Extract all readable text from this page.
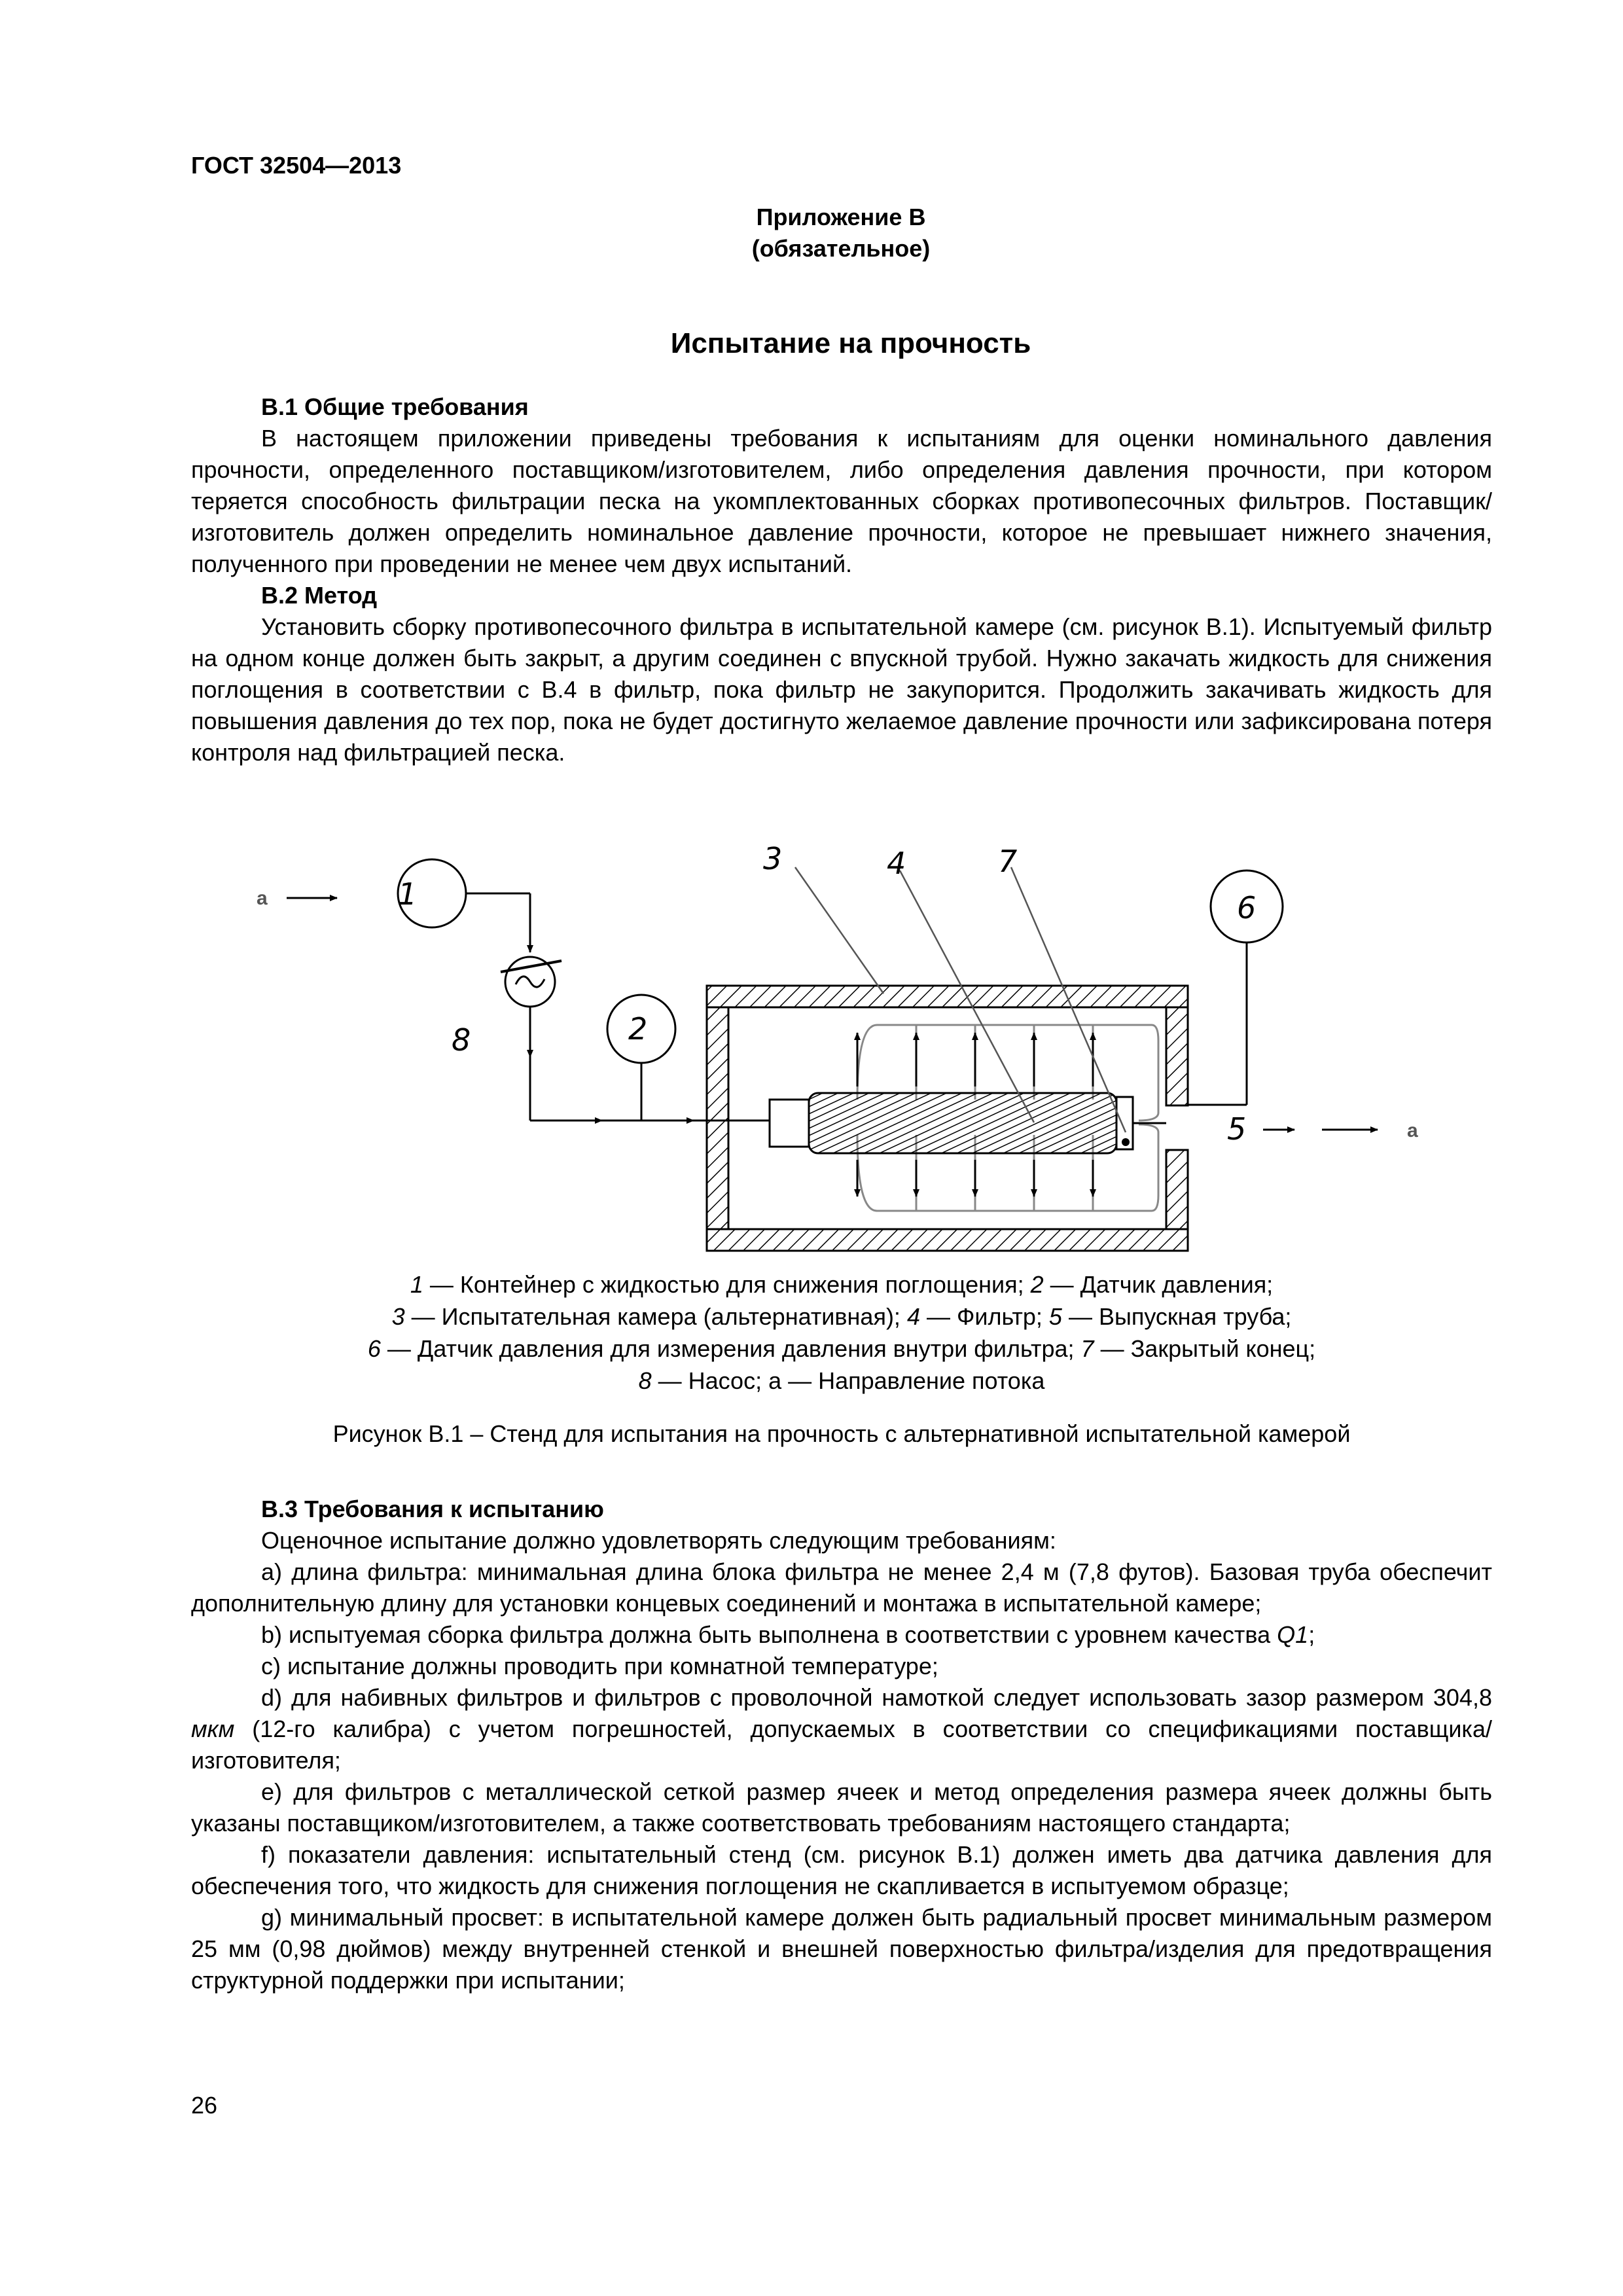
ГОСТ 32504—2013
Приложение В
(обязательное)
Испытание на прочность
В.1 Общие требования
В настоящем приложении приведены требования к испытаниям для оценки номинального давления прочности, определенного поставщиком/изготовителем, либо определения давления прочности, при котором теряется способность фильтрации песка на укомплектованных сборках противопесочных фильтров. Поставщик/изготовитель должен определить номинальное давление прочности, которое не превышает нижнего значения, полученного при проведении не менее чем двух испытаний.
В.2 Метод
Установить сборку противопесочного фильтра в испытательной камере (см. рисунок В.1). Испытуемый фильтр на одном конце должен быть закрыт, а другим соединен с впускной трубой. Нужно закачать жидкость для снижения поглощения в соответствии с В.4 в фильтр, пока фильтр не закупорится. Продолжить закачивать жидкость для повышения давления до тех пор, пока не будет достигнуто желаемое давление прочности или зафиксирована потеря контроля над фильтрацией песка.
a	1
2
3	4	7
6
8
5	a
1 — Контейнер с жидкостью для снижения поглощения; 2 — Датчик давления;
3 — Испытательная камера (альтернативная); 4 — Фильтр; 5 — Выпускная труба;
6 — Датчик давления для измерения давления внутри фильтра; 7 — Закрытый конец;
8 — Насос; а — Направление потока
Рисунок В.1 – Стенд для испытания на прочность с альтернативной испытательной камерой
В.3 Требования к испытанию
Оценочное испытание должно удовлетворять следующим требованиям:
а) длина фильтра: минимальная длина блока фильтра не менее 2,4 м (7,8 футов). Базовая труба обеспечит дополнительную длину для установки концевых соединений и монтажа в испытательной камере;
b) испытуемая сборка фильтра должна быть выполнена в соответствии с уровнем качества Q1;
с) испытание должны проводить при комнатной температуре;
d) для набивных фильтров и фильтров с проволочной намоткой следует использовать зазор размером 304,8 мкм (12-го калибра) с учетом погрешностей, допускаемых в соответствии со спецификациями поставщика/изготовителя;
е) для фильтров с металлической сеткой размер ячеек и метод определения размера ячеек должны быть указаны поставщиком/изготовителем, а также соответствовать требованиям настоящего стандарта;
f) показатели давления: испытательный стенд (см. рисунок В.1) должен иметь два датчика давления для обеспечения того, что жидкость для снижения поглощения не скапливается в испытуемом образце;
g) минимальный просвет: в испытательной камере должен быть радиальный просвет минимальным размером 25 мм (0,98 дюймов) между внутренней стенкой и внешней поверхностью фильтра/изделия для предотвращения структурной поддержки при испытании;
26
